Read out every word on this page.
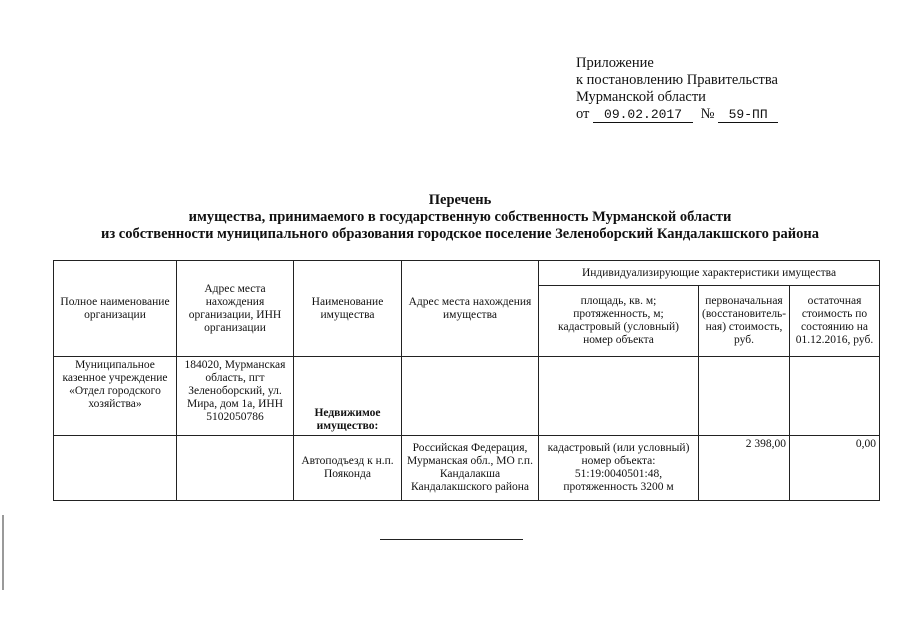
Приложение
к постановлению Правительства
Мурманской области
от 09.02.2017 № 59-ПП
Перечень
имущества, принимаемого в государственную собственность Мурманской области
из собственности муниципального образования городское поселение Зеленоборский Кандалакшского района
Полное наименование организации	Адрес места нахождения организации, ИНН организации	Наименование имущества	Адрес места нахождения имущества	Индивидуализирующие характеристики имущества		
				площадь, кв. м; протяженность, м; кадастровый (условный) номер объекта	первоначальная (восстановитель-ная) стоимость, руб.	остаточная стоимость по состоянию на 01.12.2016, руб.
Муниципальное казенное учреждение «Отдел городского хозяйства»	184020, Мурманская область, пгт Зеленоборский, ул. Мира, дом 1а, ИНН 5102050786	Недвижимое имущество:				
		Автоподъезд к н.п. Пояконда	Российская Федерация, Мурманская обл., МО г.п. Кандалакша Кандалакшского района	кадастровый (или условный) номер объекта: 51:19:0040501:48, протяженность 3200 м	2 398,00	0,00
